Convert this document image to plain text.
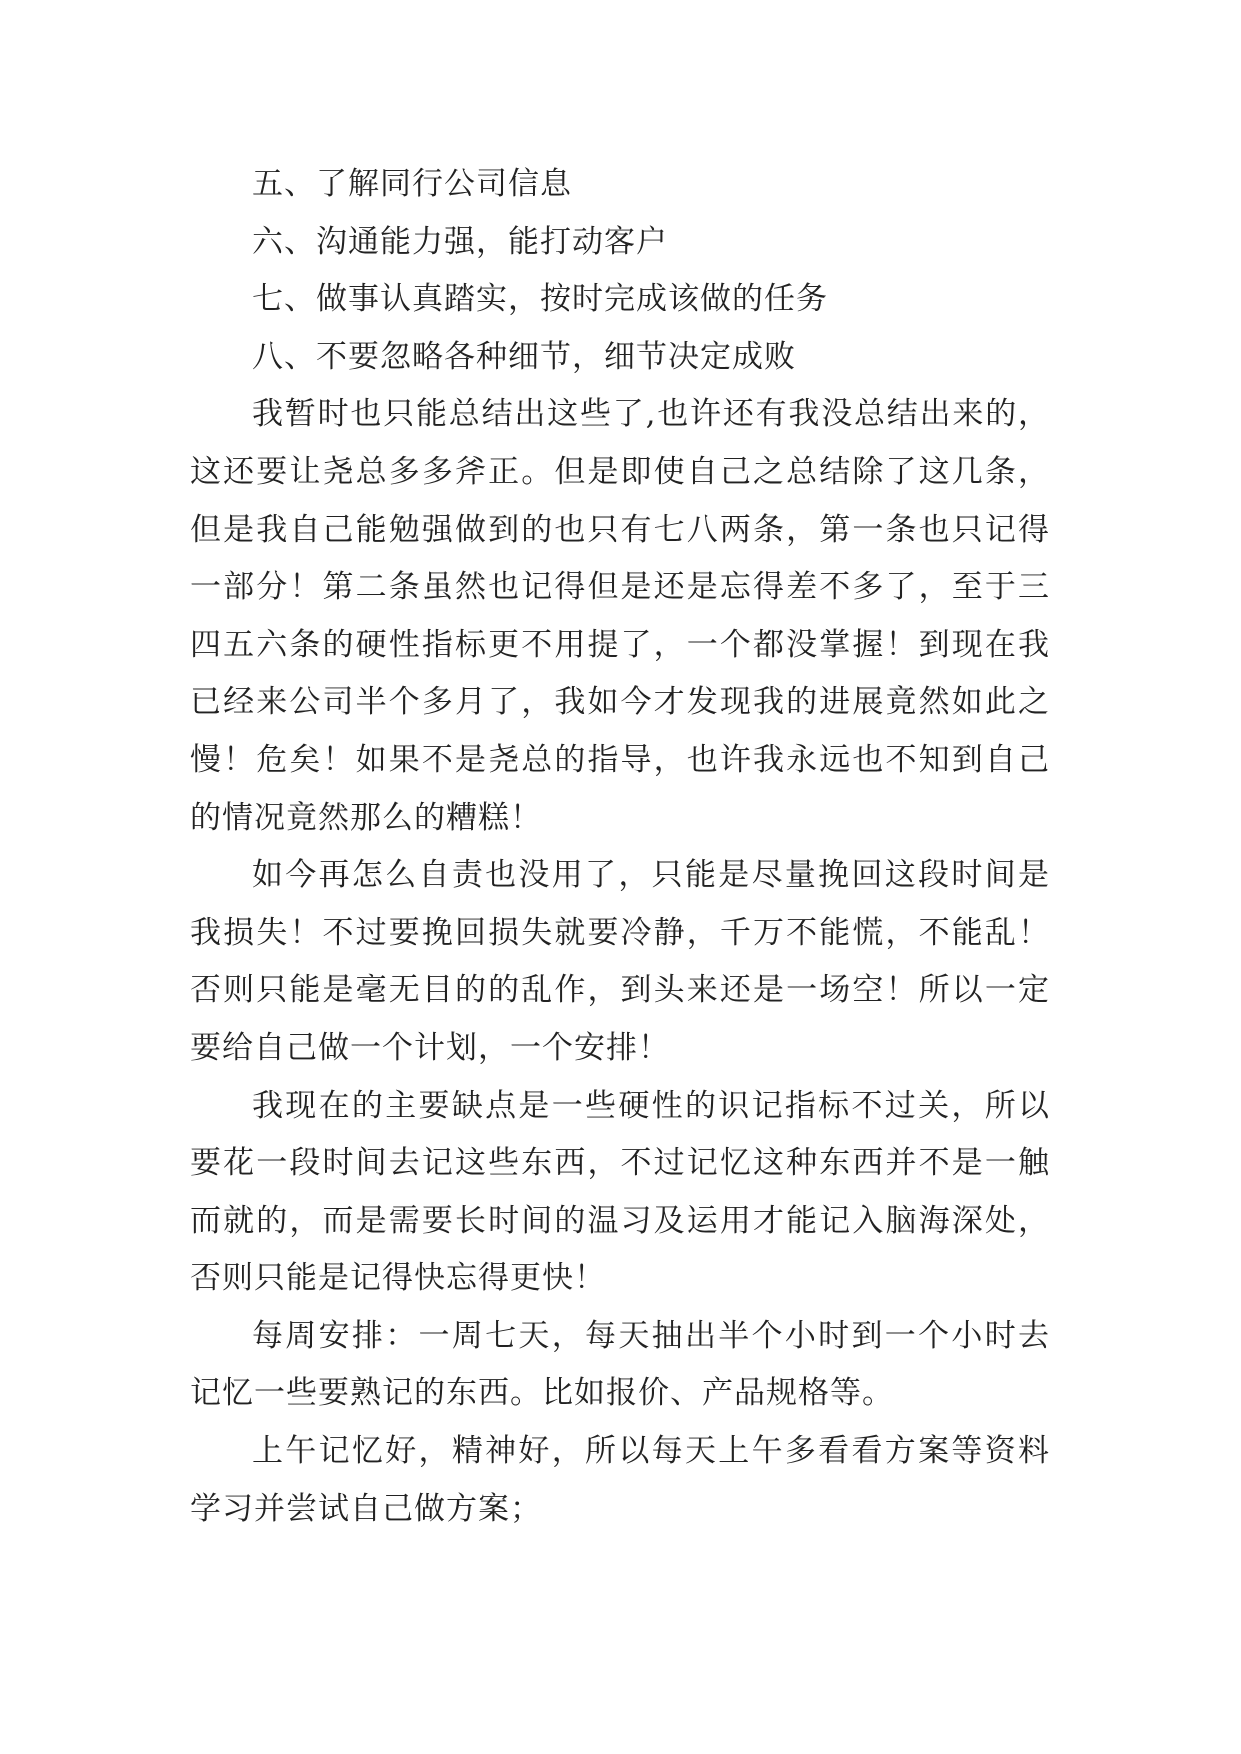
五、了解同行公司信息

六、沟通能力强，能打动客户

七、做事认真踏实，按时完成该做的任务

八、不要忽略各种细节，细节决定成败

我暂时也只能总结出这些了,也许还有我没总结出来的，这还要让尧总多多斧正。但是即使自己之总结除了这几条，但是我自己能勉强做到的也只有七八两条，第一条也只记得一部分！第二条虽然也记得但是还是忘得差不多了，至于三四五六条的硬性指标更不用提了，一个都没掌握！到现在我已经来公司半个多月了，我如今才发现我的进展竟然如此之慢！危矣！如果不是尧总的指导，也许我永远也不知到自己的情况竟然那么的糟糕！

如今再怎么自责也没用了，只能是尽量挽回这段时间是我损失！不过要挽回损失就要冷静，千万不能慌，不能乱！否则只能是毫无目的的乱作，到头来还是一场空！所以一定要给自己做一个计划，一个安排！

我现在的主要缺点是一些硬性的识记指标不过关，所以要花一段时间去记这些东西，不过记忆这种东西并不是一触而就的，而是需要长时间的温习及运用才能记入脑海深处，否则只能是记得快忘得更快！

每周安排：一周七天，每天抽出半个小时到一个小时去记忆一些要熟记的东西。比如报价、产品规格等。

上午记忆好，精神好，所以每天上午多看看方案等资料学习并尝试自己做方案；
